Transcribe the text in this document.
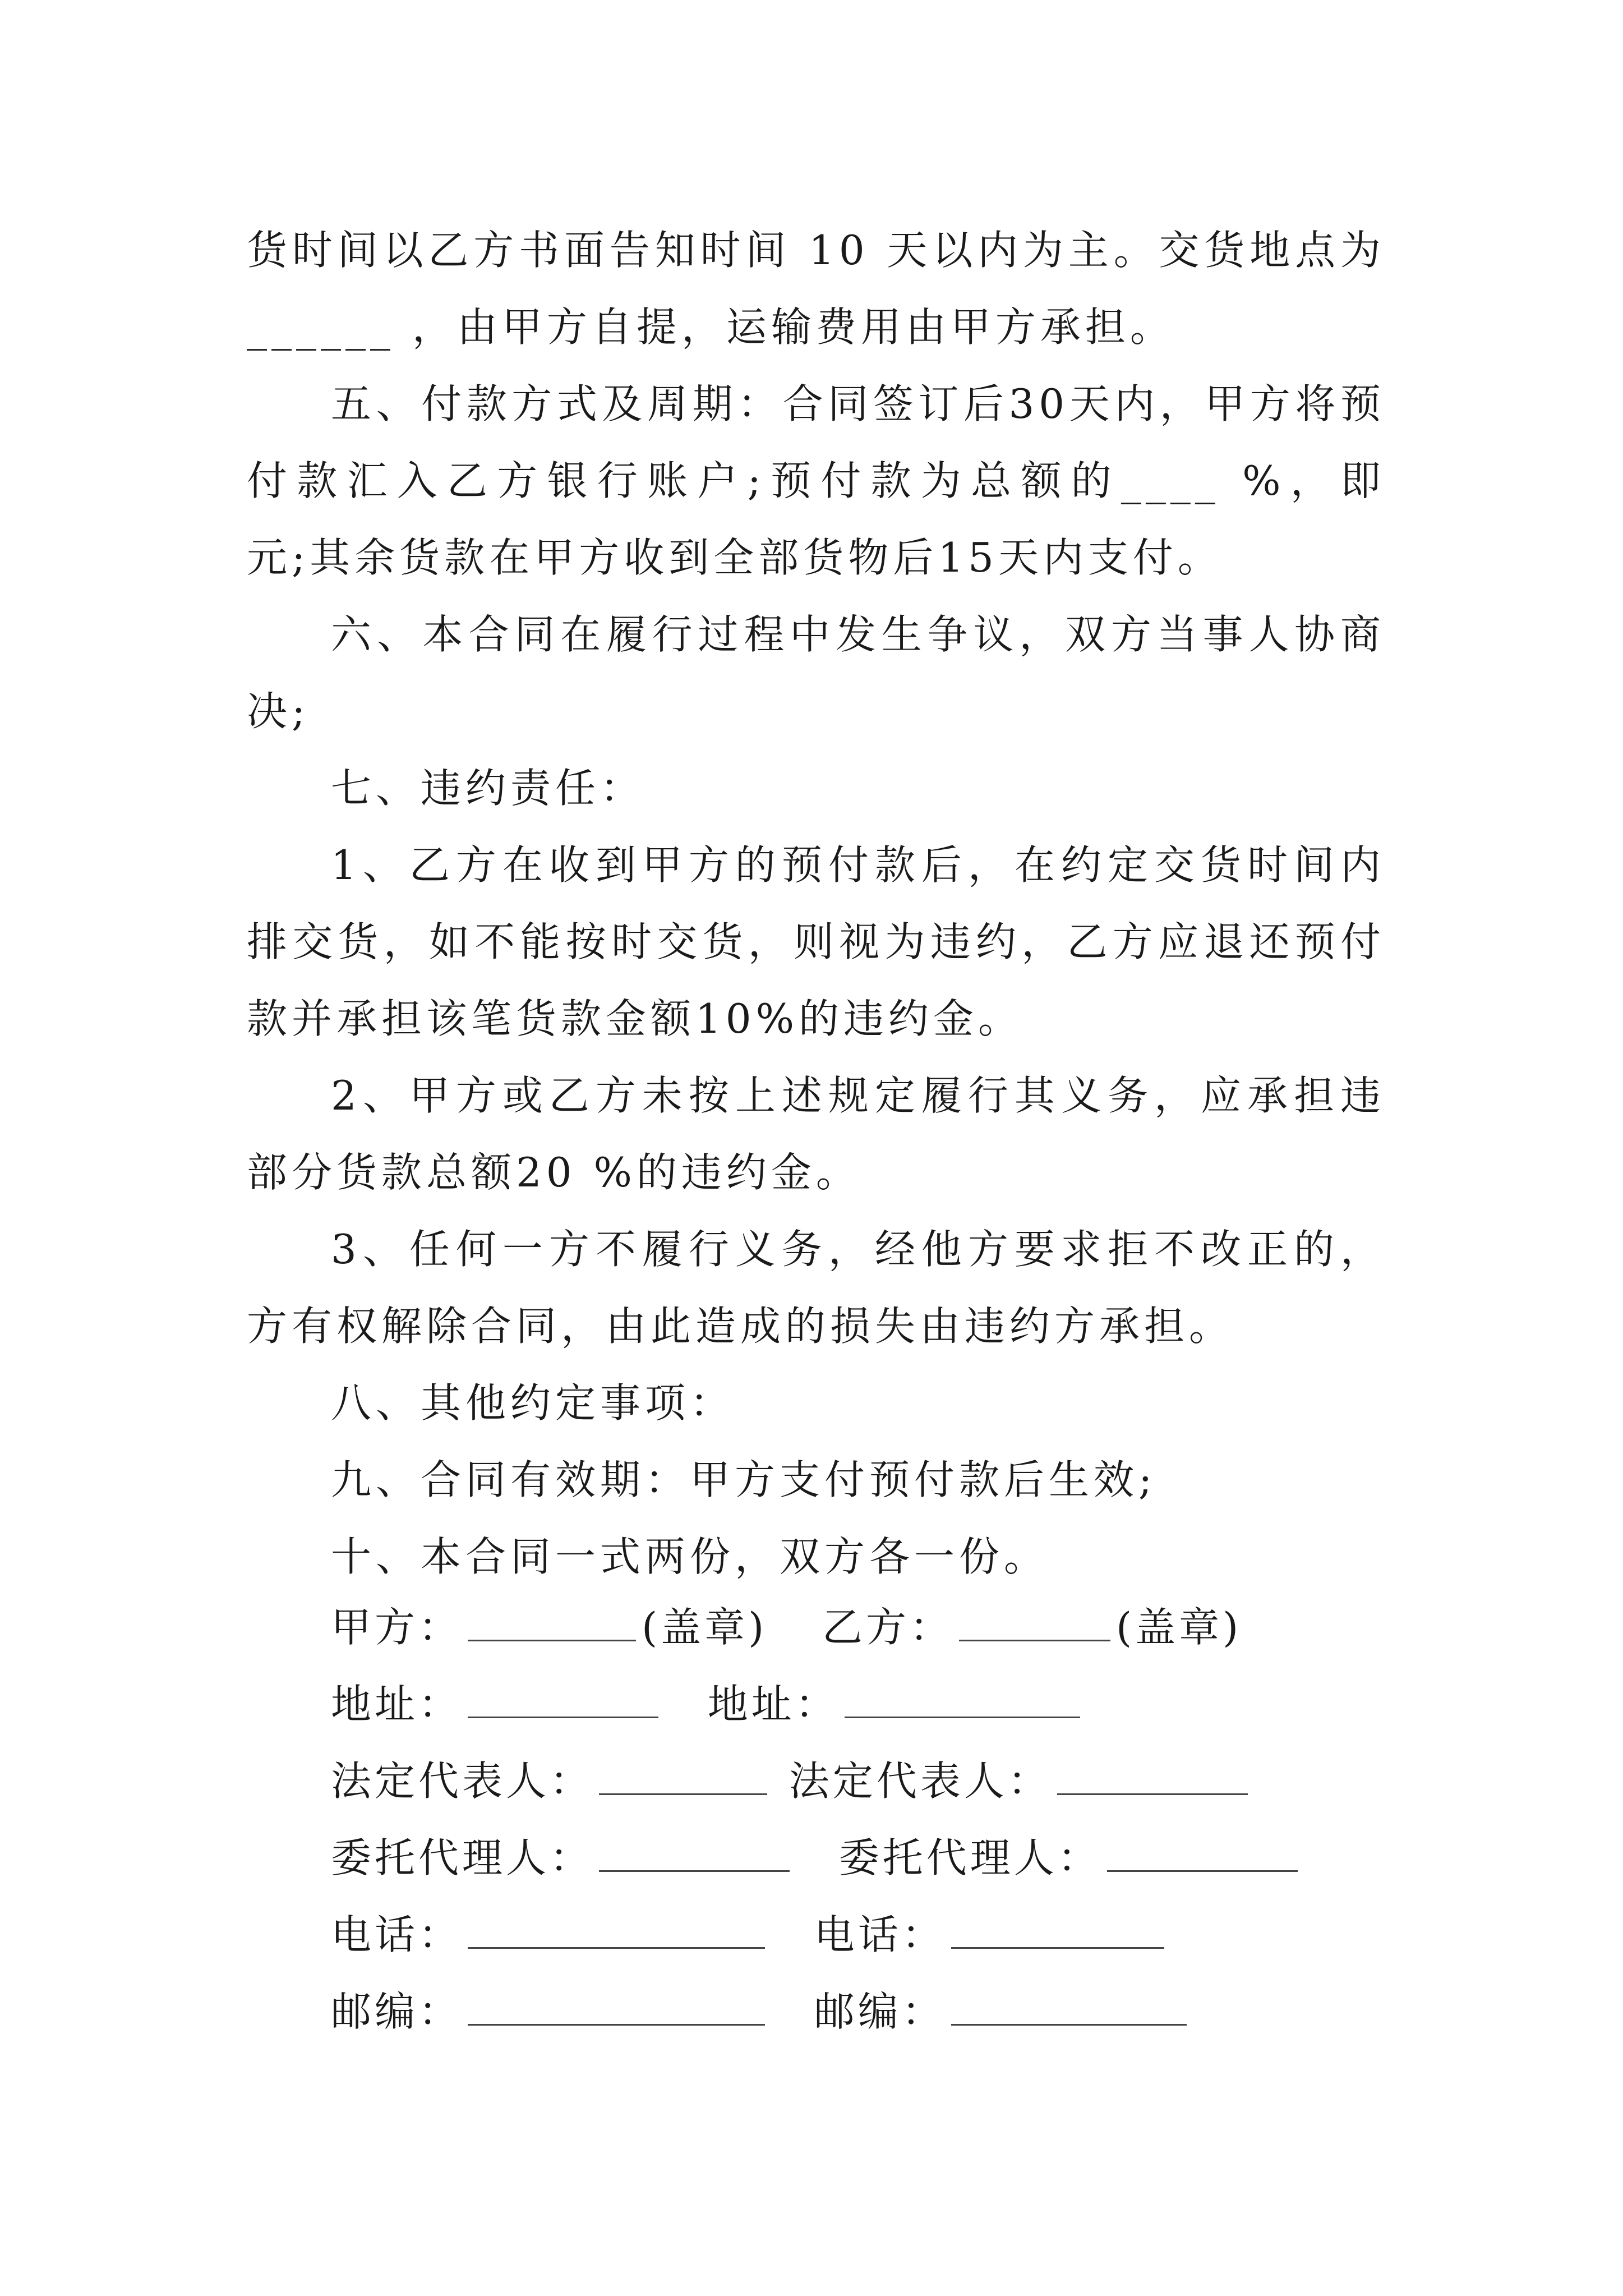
货时间以乙方书面告知时间 10 天以内为主。交货地点为
______ ，由甲方自提，运输费用由甲方承担。
五、付款方式及周期：合同签订后30天内，甲方将预
付款汇入乙方银行账户;预付款为总额的____ %，即
元;其余货款在甲方收到全部货物后15天内支付。
六、本合同在履行过程中发生争议，双方当事人协商
决;
七、违约责任：
1、乙方在收到甲方的预付款后，在约定交货时间内
排交货，如不能按时交货，则视为违约，乙方应退还预付
款并承担该笔货款金额10%的违约金。
2、甲方或乙方未按上述规定履行其义务，应承担违
部分货款总额20 %的违约金。
3、任何一方不履行义务，经他方要求拒不改正的，
方有权解除合同，由此造成的损失由违约方承担。
八、其他约定事项：
九、合同有效期：甲方支付预付款后生效;
十、本合同一式两份，双方各一份。
甲方：	(盖章) 乙方：	(盖章)
地址：	地址：
法定代表人：	法定代表人：
委托代理人：	委托代理人：
电话：	电话：
邮编：	邮编：
